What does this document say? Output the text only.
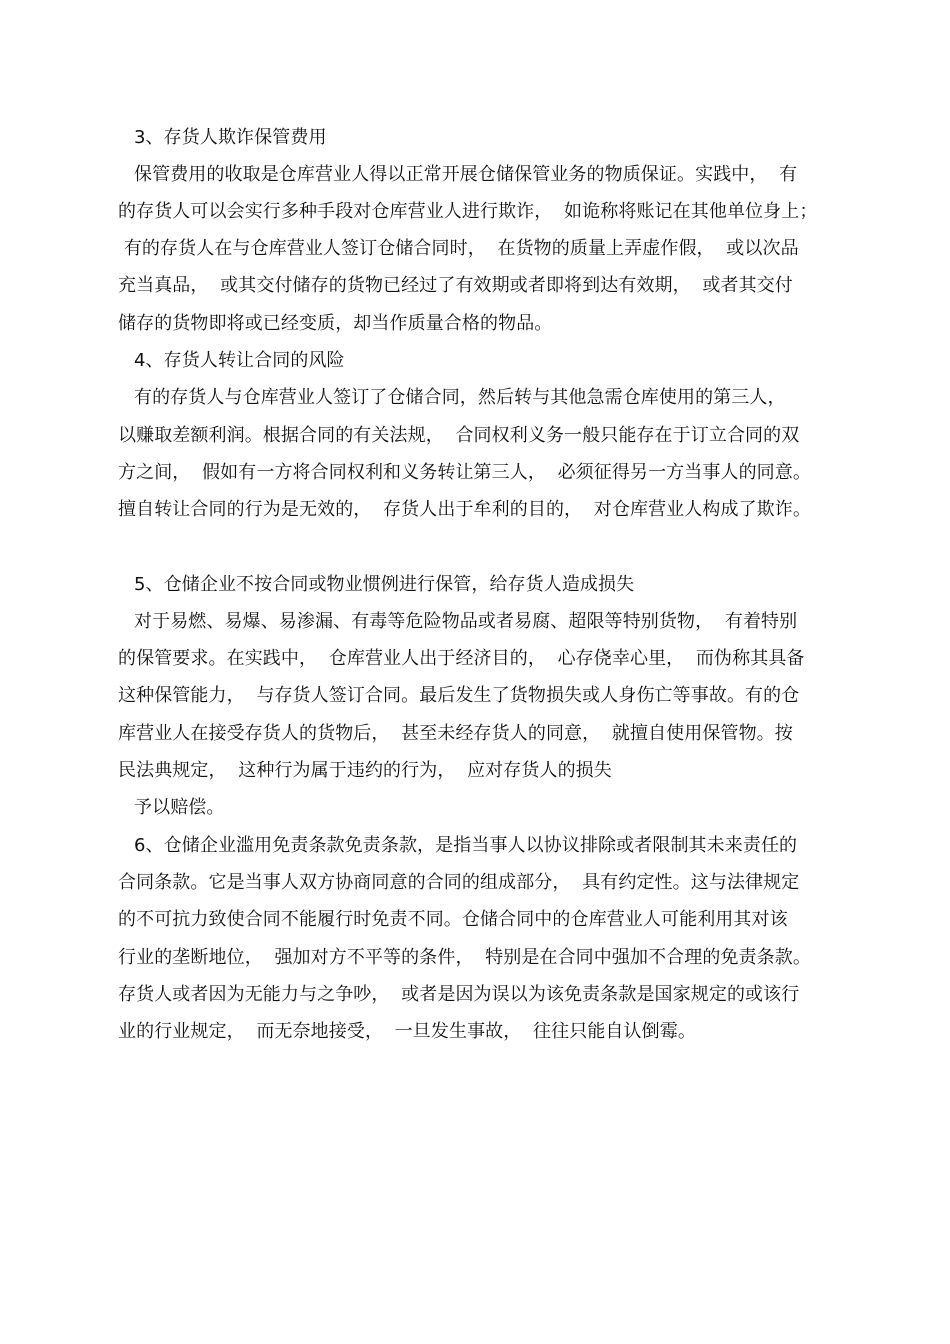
3、存货人欺诈保管费用

保管费用的收取是仓库营业人得以正常开展仓储保管业务的物质保证。实践中，  有

的存货人可以会实行多种手段对仓库营业人进行欺诈，  如诡称将账记在其他单位身上；

有的存货人在与仓库营业人签订仓储合同时，  在货物的质量上弄虚作假，  或以次品

充当真品，  或其交付储存的货物已经过了有效期或者即将到达有效期，  或者其交付

储存的货物即将或已经变质，却当作质量合格的物品。

4、存货人转让合同的风险

有的存货人与仓库营业人签订了仓储合同，然后转与其他急需仓库使用的第三人，

以赚取差额利润。根据合同的有关法规，  合同权利义务一般只能存在于订立合同的双

方之间，  假如有一方将合同权利和义务转让第三人，  必须征得另一方当事人的同意。

擅自转让合同的行为是无效的，  存货人出于牟利的目的，  对仓库营业人构成了欺诈。

5、仓储企业不按合同或物业惯例进行保管，给存货人造成损失

对于易燃、易爆、易渗漏、有毒等危险物品或者易腐、超限等特别货物，  有着特别

的保管要求。在实践中，  仓库营业人出于经济目的，  心存侥幸心里，  而伪称其具备

这种保管能力，  与存货人签订合同。最后发生了货物损失或人身伤亡等事故。有的仓

库营业人在接受存货人的货物后，  甚至未经存货人的同意，  就擅自使用保管物。按

民法典规定，  这种行为属于违约的行为，  应对存货人的损失

予以赔偿。

6、仓储企业滥用免责条款免责条款，是指当事人以协议排除或者限制其未来责任的

合同条款。它是当事人双方协商同意的合同的组成部分，  具有约定性。这与法律规定

的不可抗力致使合同不能履行时免责不同。仓储合同中的仓库营业人可能利用其对该

行业的垄断地位，  强加对方不平等的条件，  特别是在合同中强加不合理的免责条款。

存货人或者因为无能力与之争吵，  或者是因为误以为该免责条款是国家规定的或该行

业的行业规定，  而无奈地接受，  一旦发生事故，  往往只能自认倒霉。
